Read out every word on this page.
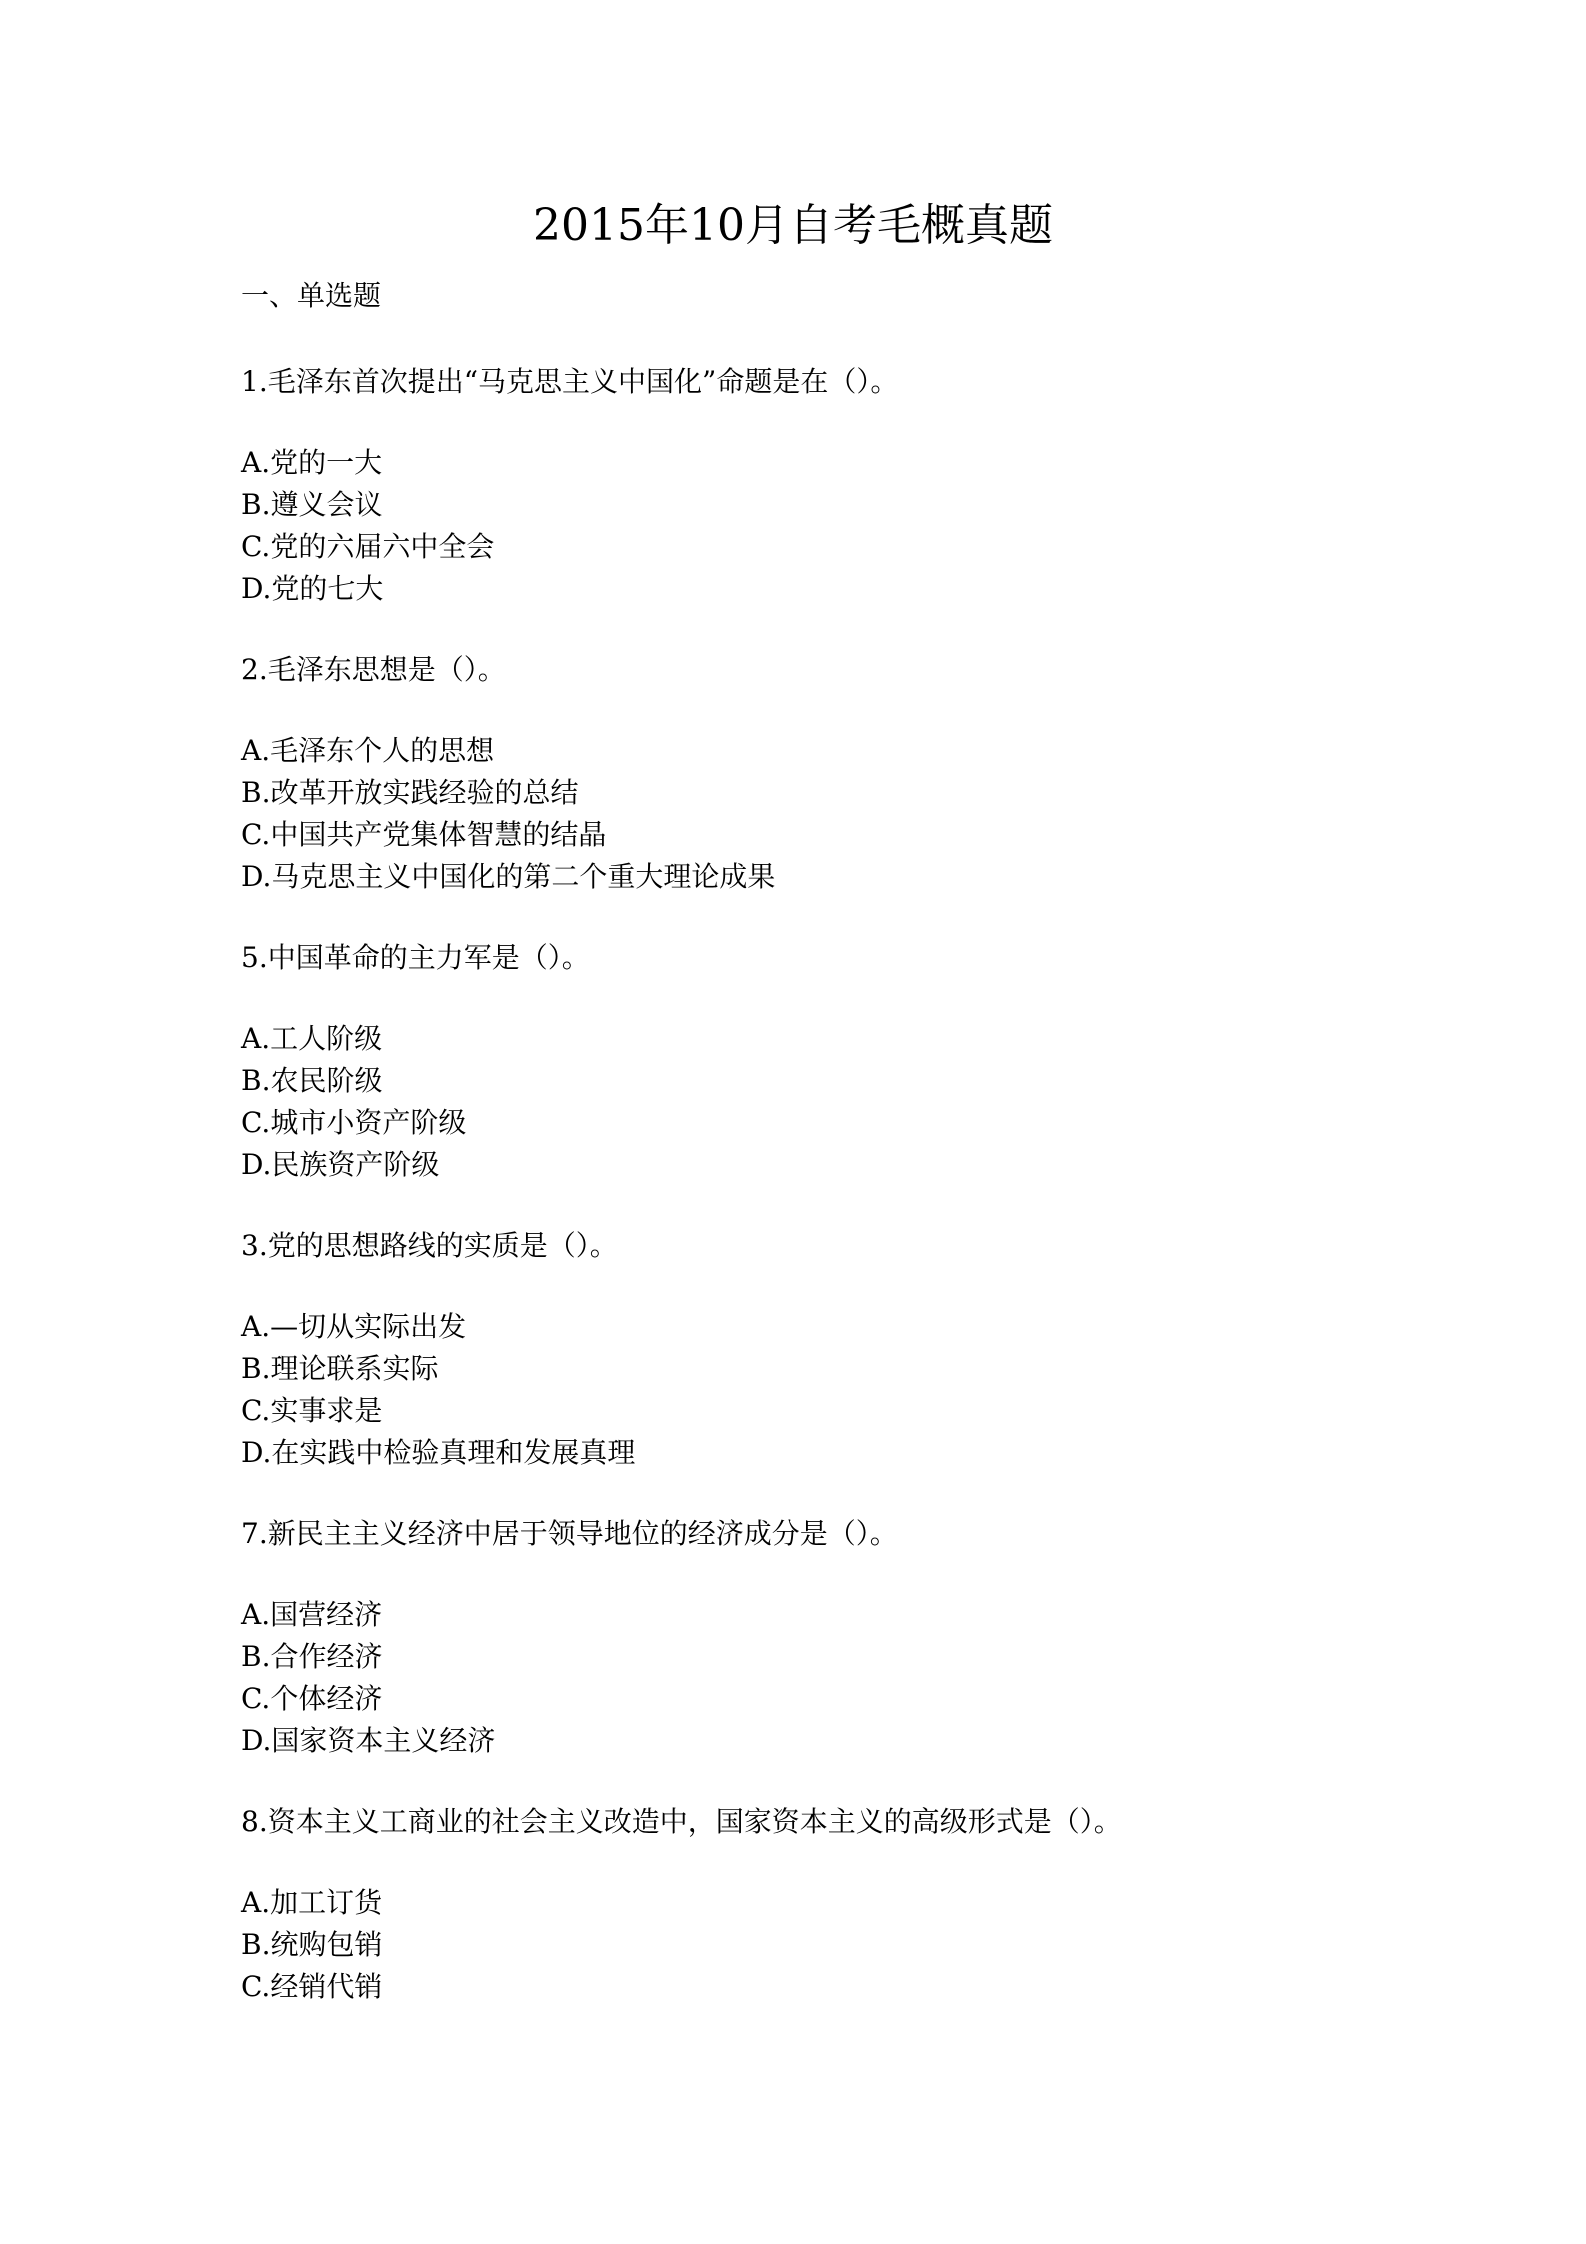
2015年10月自考毛概真题
一、单选题
1.毛泽东首次提出“马克思主义中国化”命题是在（）。
A.党的一大
B.遵义会议
C.党的六届六中全会
D.党的七大
2.毛泽东思想是（）。
A.毛泽东个人的思想
B.改革开放实践经验的总结
C.中国共产党集体智慧的结晶
D.马克思主义中国化的第二个重大理论成果
5.中国革命的主力军是（）。
A.工人阶级
B.农民阶级
C.城市小资产阶级
D.民族资产阶级
3.党的思想路线的实质是（）。
A.—切从实际出发
B.理论联系实际
C.实事求是
D.在实践中检验真理和发展真理
7.新民主主义经济中居于领导地位的经济成分是（）。
A.国营经济
B.合作经济
C.个体经济
D.国家资本主义经济
8.资本主义工商业的社会主义改造中，国家资本主义的高级形式是（）。
A.加工订货
B.统购包销
C.经销代销
